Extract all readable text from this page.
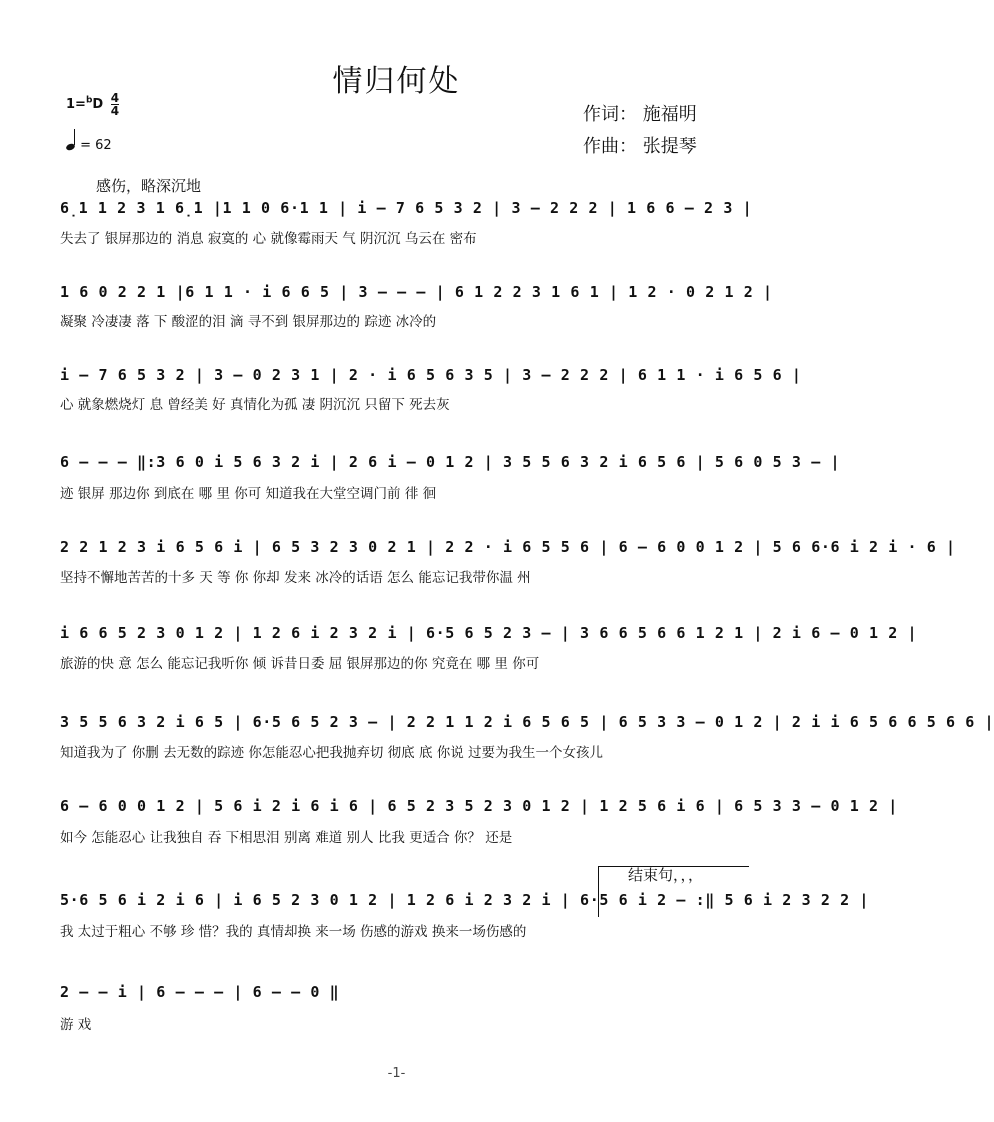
情归何处
$1=^bD \frac{4}{4}$
= 62
作词： 施福明
作曲： 张提琴
感伤，略深沉地
6̣1 1 2 3 1 6̣1 |1 1 0 6·1 1 | i – 7 6 5 3 2 | 3 – 2 2 2 | 1 6 6 – 2 3 |
失去了 银屏那边的 消息 寂寞的 心 就像霉雨天 气 阴沉沉 乌云在 密布
1 6 0 2 2 1 |6 1 1 · i 6 6 5 | 3 – – – | 6 1 2 2 3 1 6 1 | 1 2 · 0 2 1 2 |
凝聚 冷凄凄 落 下 酸涩的泪 滴 寻不到 银屏那边的 踪迹 冰冷的
i – 7 6 5 3 2 | 3 – 0 2 3 1 | 2 · i 6 5 6 3 5 | 3 – 2 2 2 | 6 1 1 · i 6 5 6 |
心 就象燃烧灯 息 曾经美 好 真情化为孤 凄 阴沉沉 只留下 死去灰
6 – – – ‖:3 6 0 i 5 6 3 2 i | 2 6 i – 0 1 2 | 3 5 5 6 3 2 i 6 5 6 | 5 6 0 5 3 – |
迹 银屏 那边你 到底在 哪 里 你可 知道我在大堂空调门前 徘 徊
2 2 1 2 3 i 6 5 6 i | 6 5 3 2 3 0 2 1 | 2 2 · i 6 5 5 6 | 6 – 6 0 0 1 2 | 5 6 6·6 i 2 i · 6 |
坚持不懈地苦苦的十多 天 等 你 你却 发来 冰冷的话语 怎么 能忘记我带你温 州
i 6 6 5 2 3 0 1 2 | 1 2 6 i 2 3 2 i | 6·5 6 5 2 3 – | 3 6 6 5 6 6 1 2 1 | 2 i 6 – 0 1 2 |
旅游的快 意 怎么 能忘记我听你 倾 诉昔日委 屈 银屏那边的你 究竟在 哪 里 你可
3 5 5 6 3 2 i 6 5 | 6·5 6 5 2 3 – | 2 2 1 1 2 i 6 5 6 5 | 6 5 3 3 – 0 1 2 | 2 i i 6 5 6 6 5 6 6 |
知道我为了 你删 去无数的踪迹 你怎能忍心把我抛弃切 彻底 底 你说 过要为我生一个女孩儿
6 – 6 0 0 1 2 | 5 6 i 2 i 6 i 6 | 6 5 2 3 5 2 3 0 1 2 | 1 2 5 6 i 6 | 6 5 3 3 – 0 1 2 |
如今 怎能忍心 让我独自 吞 下相思泪 别离 难道 别人 比我 更适合 你？ 还是
结束句，，，
5·6 5 6 i 2 i 6 | i 6 5 2 3 0 1 2 | 1 2 6 i 2 3 2 i | 6·5 6 i 2 – :‖ 5 6 i 2 3 2 2 |
我 太过于粗心 不够 珍 惜？我的 真情却换 来一场 伤感的游戏 换来一场伤感的
2 – – i | 6 – – – | 6 – – 0 ‖
游 戏
-1-
